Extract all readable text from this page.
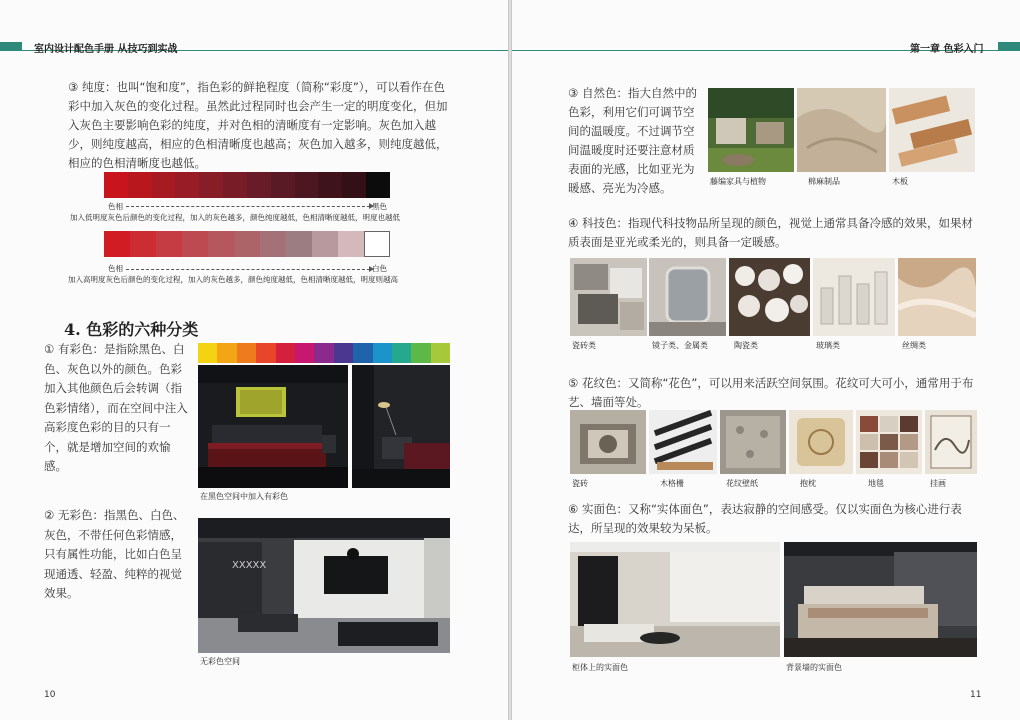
室内设计配色手册 从技巧到实战
③ 纯度：也叫“饱和度”，指色彩的鲜艳程度（简称“彩度”），可以看作在色彩中加入灰色的变化过程。虽然此过程同时也会产生一定的明度变化，但加入灰色主要影响色彩的纯度，并对色相的清晰度有一定影响。灰色加入越少，则纯度越高，相应的色相清晰度也越高；灰色加入越多，则纯度越低，相应的色相清晰度也越低。
色相	黑色
加入低明度灰色后颜色的变化过程，加入的灰色越多，颜色纯度越低，色相清晰度越低，明度也越低
色相	白色
加入高明度灰色后颜色的变化过程，加入的灰色越多，颜色纯度越低，色相清晰度越低，明度则越高
4. 色彩的六种分类
① 有彩色：是指除黑色、白色、灰色以外的颜色。色彩加入其他颜色后会转调（指色彩情绪），而在空间中注入高彩度色彩的目的只有一个，就是增加空间的欢愉感。
在黑色空间中加入有彩色
② 无彩色：指黑色、白色、灰色，不带任何色彩情感，只有属性功能，比如白色呈现通透、轻盈、纯粹的视觉效果。
XXXXX
无彩色空间
10
第一章 色彩入门
③ 自然色：指大自然中的色彩，利用它们可调节空间的温暖度。不过调节空间温暖度时还要注意材质表面的光感，比如亚光为暖感、亮光为冷感。	藤编家具与植物	棉麻制品	木板
④ 科技色：指现代科技物品所呈现的颜色，视觉上通常具备冷感的效果，如果材质表面是亚光或柔光的，则具备一定暖感。
瓷砖类	镜子类、金属类	陶瓷类	玻璃类	丝绸类
⑤ 花纹色：又简称“花色”，可以用来活跃空间氛围。花纹可大可小，通常用于布艺、墙面等处。
瓷砖	木格栅	花纹壁纸	抱枕	地毯	挂画
⑥ 实面色：又称“实体面色”，表达寂静的空间感受。仅以实面色为核心进行表达，所呈现的效果较为呆板。
柜体上的实面色	背景墙的实面色
11
